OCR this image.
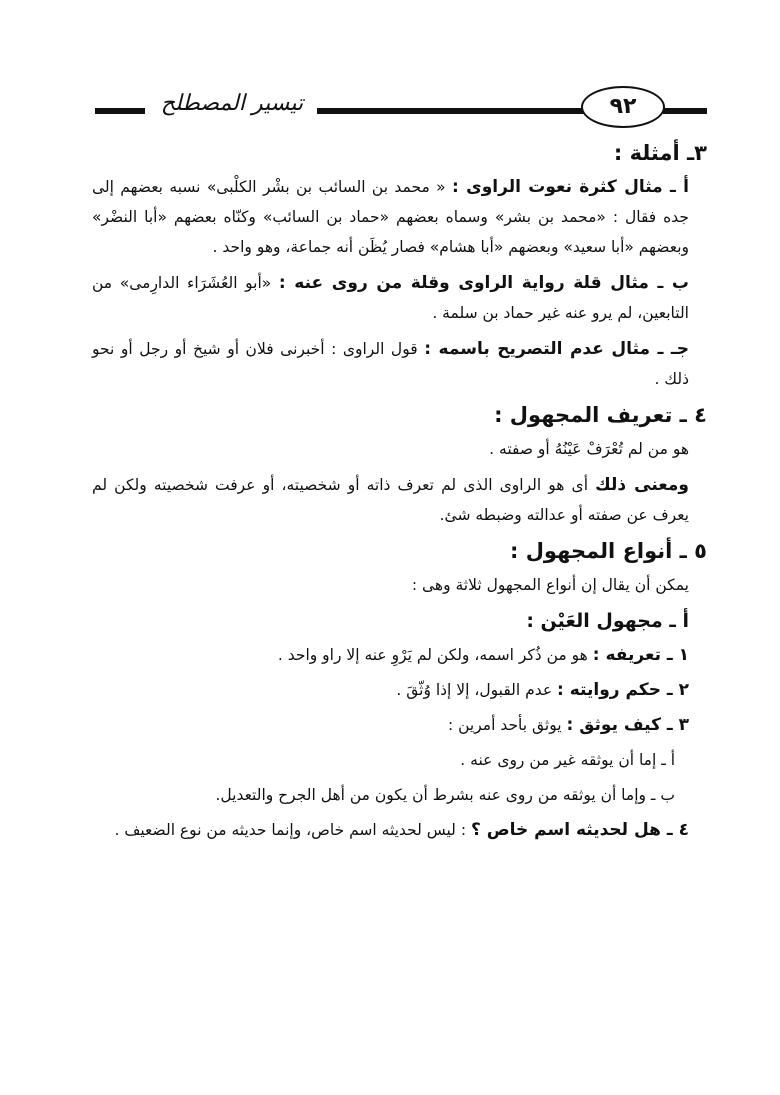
تيسير المصطلح	٩٢
٣ـ أمثلة :
أ ـ مثال كثرة نعوت الراوى : « محمد بن السائب بن بشْر الكلْبى» نسبه بعضهم إلى جده فقال : «محمد بن بشر» وسماه بعضهم «حماد بن السائب» وكنّاه بعضهم «أبا النضْر» وبعضهم «أبا سعيد» وبعضهم «أبا هشام» فصار يُظَن أنه جماعة، وهو واحد .
ب ـ مثال قلة رواية الراوى وقلة من روى عنه : «أبو العُشَرَاء الدارِمى» من التابعين، لم يرو عنه غير حماد بن سلمة .
جـ ـ مثال عدم التصريح باسمه : قول الراوى : أخبرنى فلان أو شيخ أو رجل أو نحو ذلك .
٤ ـ تعريف المجهول :
هو من لم تُعْرَفْ عَيْنُهُ أو صفته .
ومعنى ذلك أى هو الراوى الذى لم تعرف ذاته أو شخصيته، أو عرفت شخصيته ولكن لم يعرف عن صفته أو عدالته وضبطه شئ.
٥ ـ أنواع المجهول :
يمكن أن يقال إن أنواع المجهول ثلاثة وهى :
أ ـ مجهول العَيْن :
١ ـ تعريفه : هو من ذُكر اسمه، ولكن لم يَرْوِ عنه إلا راو واحد .
٢ ـ حكم روايته : عدم القبول، إلا إذا وُثّقَ .
٣ ـ كيف يوثق : يوثق بأحد أمرين :
أ ـ إما أن يوثقه غير من روى عنه .
ب ـ وإما أن يوثقه من روى عنه بشرط أن يكون من أهل الجرح والتعديل.
٤ ـ هل لحديثه اسم خاص ؟ : ليس لحديثه اسم خاص، وإنما حديثه من نوع الضعيف .
